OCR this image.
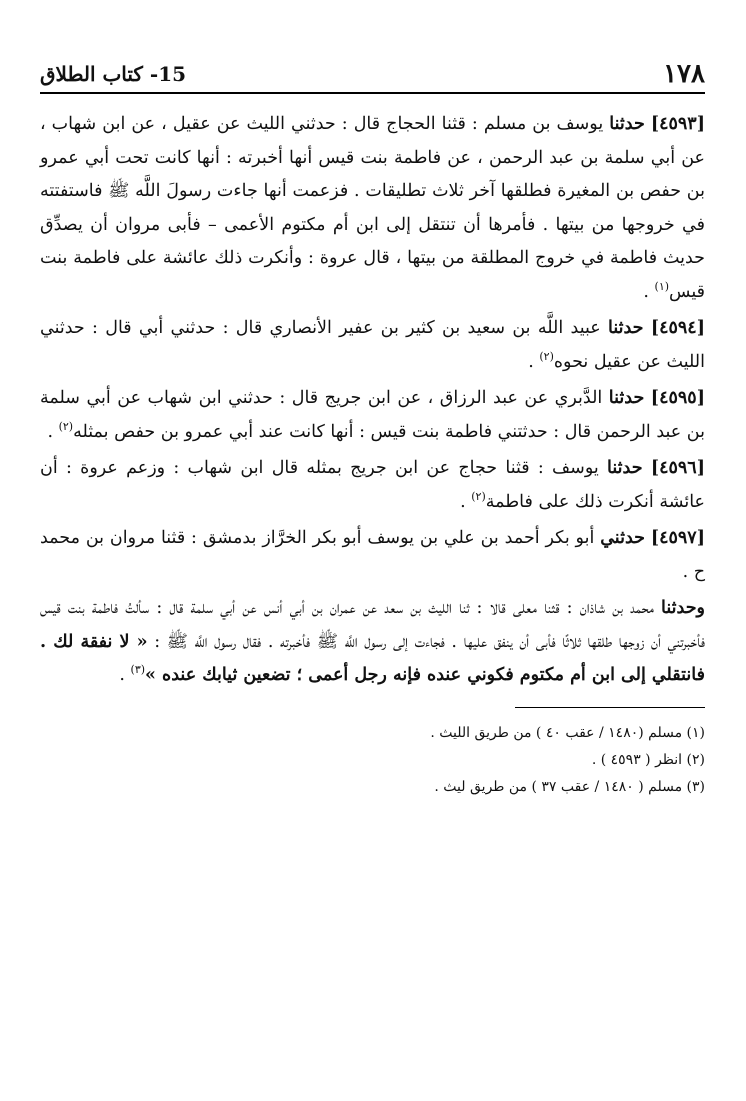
١٧٨
15- كتاب الطلاق

[٤٥٩٣] حدثنا يوسف بن مسلم : قثنا الحجاج قال : حدثني الليث عن عقيل ، عن ابن شهاب ، عن أبي سلمة بن عبد الرحمن ، عن فاطمة بنت قيس أنها أخبرته : أنها كانت تحت أبي عمرو بن حفص بن المغيرة فطلقها آخر ثلاث تطليقات . فزعمت أنها جاءت رسولَ اللَّه ﷺ فاستفتته في خروجها من بيتها . فأمرها أن تنتقل إلى ابن أم مكتوم الأعمى – فأبى مروان أن يصدِّق حديث فاطمة في خروج المطلقة من بيتها ، قال عروة : وأنكرت ذلك عائشة على فاطمة بنت قيس$^{(١)}$ .

[٤٥٩٤] حدثنا عبيد اللَّه بن سعيد بن كثير بن عفير الأنصاري قال : حدثني أبي قال : حدثني الليث عن عقيل نحوه$^{(٢)}$ .

[٤٥٩٥] حدثنا الدَّبري عن عبد الرزاق ، عن ابن جريج قال : حدثني ابن شهاب عن أبي سلمة بن عبد الرحمن قال : حدثتني فاطمة بنت قيس : أنها كانت عند أبي عمرو بن حفص بمثله$^{(٢)}$ .

[٤٥٩٦] حدثنا يوسف : قثنا حجاج عن ابن جريج بمثله قال ابن شهاب : وزعم عروة : أن عائشة أنكرت ذلك على فاطمة$^{(٢)}$ .

[٤٥٩٧] حدثني أبو بكر أحمد بن علي بن يوسف أبو بكر الخرَّاز بدمشق : قثنا مروان بن محمد ح .

وحدثنا محمد بن شاذان : قثنا معلى قالا : ثنا الليث بن سعد عن عمران بن أبي أنس عن أبي سلمة قال : سألتُ فاطمة بنت قيس فأخبرتني أن زوجها طلقها ثلاثًا فأبى أن ينفق عليها . فجاءت إلى رسول اللَّه ﷺ فأخبرته . فقال رسول اللَّه ﷺ : « لا نفقة لك . فانتقلي إلى ابن أم مكتوم فكوني عنده فإنه رجل أعمى ؛ تضعين ثيابك عنده »$^{(٣)}$ .

(١) مسلم (١٤٨٠ / عقب ٤٠ ) من طريق الليث .
(٢) انظر ( ٤٥٩٣ ) .
(٣) مسلم ( ١٤٨٠ / عقب ٣٧ ) من طريق ليث .
